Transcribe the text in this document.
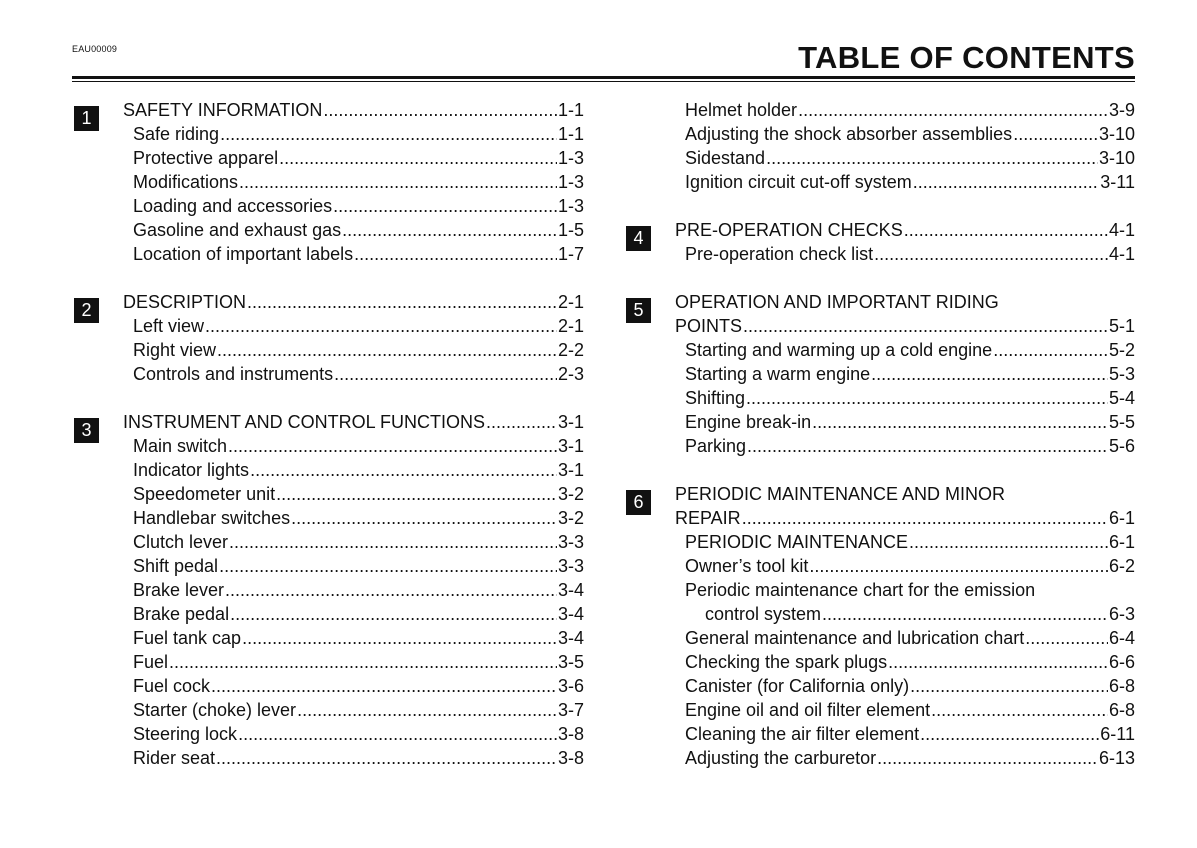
EAU00009	TABLE OF CONTENTS
1	SAFETY INFORMATION .....	1-1
Safe riding .....	1-1
Protective apparel .....	1-3
Modifications .....	1-3
Loading and accessories .....	1-3
Gasoline and exhaust gas .....	1-5
Location of important labels .....	1-7
2	DESCRIPTION .....	2-1
Left view .....	2-1
Right view .....	2-2
Controls and instruments .....	2-3
3	INSTRUMENT AND CONTROL FUNCTIONS .....	3-1
Main switch .....	3-1
Indicator lights .....	3-1
Speedometer unit .....	3-2
Handlebar switches .....	3-2
Clutch lever .....	3-3
Shift pedal .....	3-3
Brake lever .....	3-4
Brake pedal .....	3-4
Fuel tank cap .....	3-4
Fuel .....	3-5
Fuel cock .....	3-6
Starter (choke) lever .....	3-7
Steering lock .....	3-8
Rider seat .....	3-8
Helmet holder .....	3-9
Adjusting the shock absorber assemblies .....	3-10
Sidestand .....	3-10
Ignition circuit cut-off system .....	3-11
4	PRE-OPERATION CHECKS .....	4-1
Pre-operation check list .....	4-1
5	OPERATION AND IMPORTANT RIDING
POINTS .....	5-1
Starting and warming up a cold engine .....	5-2
Starting a warm engine .....	5-3
Shifting .....	5-4
Engine break-in .....	5-5
Parking .....	5-6
6	PERIODIC MAINTENANCE AND MINOR
REPAIR .....	6-1
PERIODIC MAINTENANCE .....	6-1
Owner’s tool kit .....	6-2
Periodic maintenance chart for the emission
control system .....	6-3
General maintenance and lubrication chart .....	6-4
Checking the spark plugs .....	6-6
Canister (for California only) .....	6-8
Engine oil and oil filter element .....	6-8
Cleaning the air filter element .....	6-11
Adjusting the carburetor .....	6-13
